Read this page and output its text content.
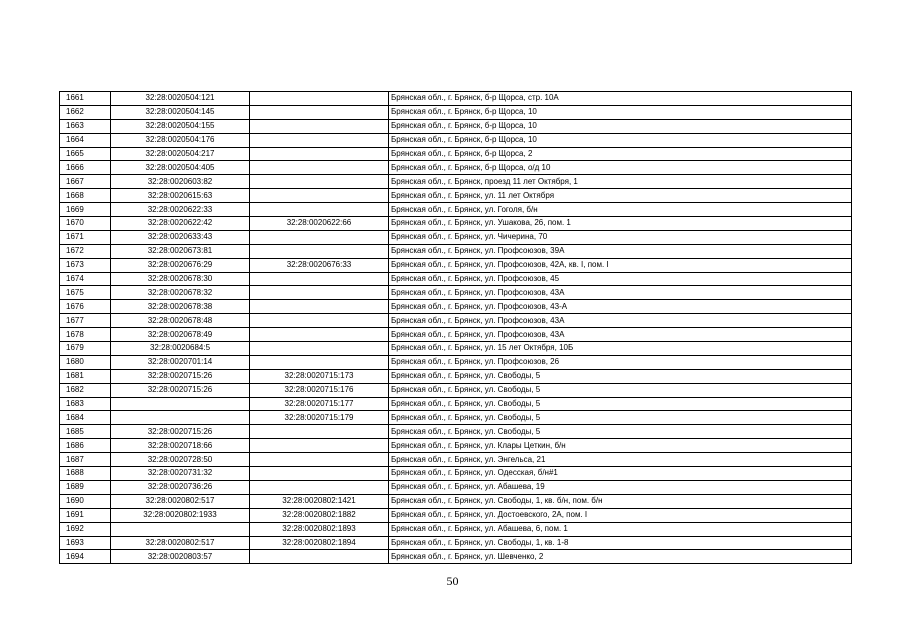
1661	32:28:0020504:121		Брянская обл., г. Брянск, б-р Щорса, стр. 10А
1662	32:28:0020504:145		Брянская обл., г. Брянск, б-р Щорса, 10
1663	32:28:0020504:155		Брянская обл., г. Брянск, б-р Щорса, 10
1664	32:28:0020504:176		Брянская обл., г. Брянск, б-р Щорса, 10
1665	32:28:0020504:217		Брянская обл., г. Брянск, б-р Щорса, 2
1666	32:28:0020504:405		Брянская обл., г. Брянск, б-р Щорса, о/д 10
1667	32:28:0020603:82		Брянская обл., г. Брянск, проезд 11 лет Октября, 1
1668	32:28:0020615:63		Брянская обл., г. Брянск, ул. 11 лет Октября
1669	32:28:0020622:33		Брянская обл., г. Брянск, ул. Гоголя, б/н
1670	32:28:0020622:42	32:28:0020622:66	Брянская обл., г. Брянск, ул. Ушакова, 26, пом. 1
1671	32:28:0020633:43		Брянская обл., г. Брянск, ул. Чичерина, 70
1672	32:28:0020673:81		Брянская обл., г. Брянск, ул. Профсоюзов, 39А
1673	32:28:0020676:29	32:28:0020676:33	Брянская обл., г. Брянск, ул. Профсоюзов, 42А, кв. I, пом. I
1674	32:28:0020678:30		Брянская обл., г. Брянск, ул. Профсоюзов, 45
1675	32:28:0020678:32		Брянская обл., г. Брянск, ул. Профсоюзов, 43А
1676	32:28:0020678:38		Брянская обл., г. Брянск, ул. Профсоюзов, 43-А
1677	32:28:0020678:48		Брянская обл., г. Брянск, ул. Профсоюзов, 43А
1678	32:28:0020678:49		Брянская обл., г. Брянск, ул. Профсоюзов, 43А
1679	32:28:0020684:5		Брянская обл., г. Брянск, ул. 15 лет Октября, 10Б
1680	32:28:0020701:14		Брянская обл., г. Брянск, ул. Профсоюзов, 26
1681	32:28:0020715:26	32:28:0020715:173	Брянская обл., г. Брянск, ул. Свободы, 5
1682	32:28:0020715:26	32:28:0020715:176	Брянская обл., г. Брянск, ул. Свободы, 5
1683		32:28:0020715:177	Брянская обл., г. Брянск, ул. Свободы, 5
1684		32:28:0020715:179	Брянская обл., г. Брянск, ул. Свободы, 5
1685	32:28:0020715:26		Брянская обл., г. Брянск, ул. Свободы, 5
1686	32:28:0020718:66		Брянская обл., г. Брянск, ул. Клары Цеткин, б/н
1687	32:28:0020728:50		Брянская обл., г. Брянск, ул. Энгельса, 21
1688	32:28:0020731:32		Брянская обл., г. Брянск, ул. Одесская, б/н#1
1689	32:28:0020736:26		Брянская обл., г. Брянск, ул. Абашева, 19
1690	32:28:0020802:517	32:28:0020802:1421	Брянская обл., г. Брянск, ул. Свободы, 1, кв. б/н, пом. б/н
1691	32:28:0020802:1933	32:28:0020802:1882	Брянская обл., г. Брянск, ул. Достоевского, 2А, пом. I
1692		32:28:0020802:1893	Брянская обл., г. Брянск, ул. Абашева, 6, пом. 1
1693	32:28:0020802:517	32:28:0020802:1894	Брянская обл., г. Брянск, ул. Свободы, 1, кв. 1-8
1694	32:28:0020803:57		Брянская обл., г. Брянск, ул. Шевченко, 2
50
